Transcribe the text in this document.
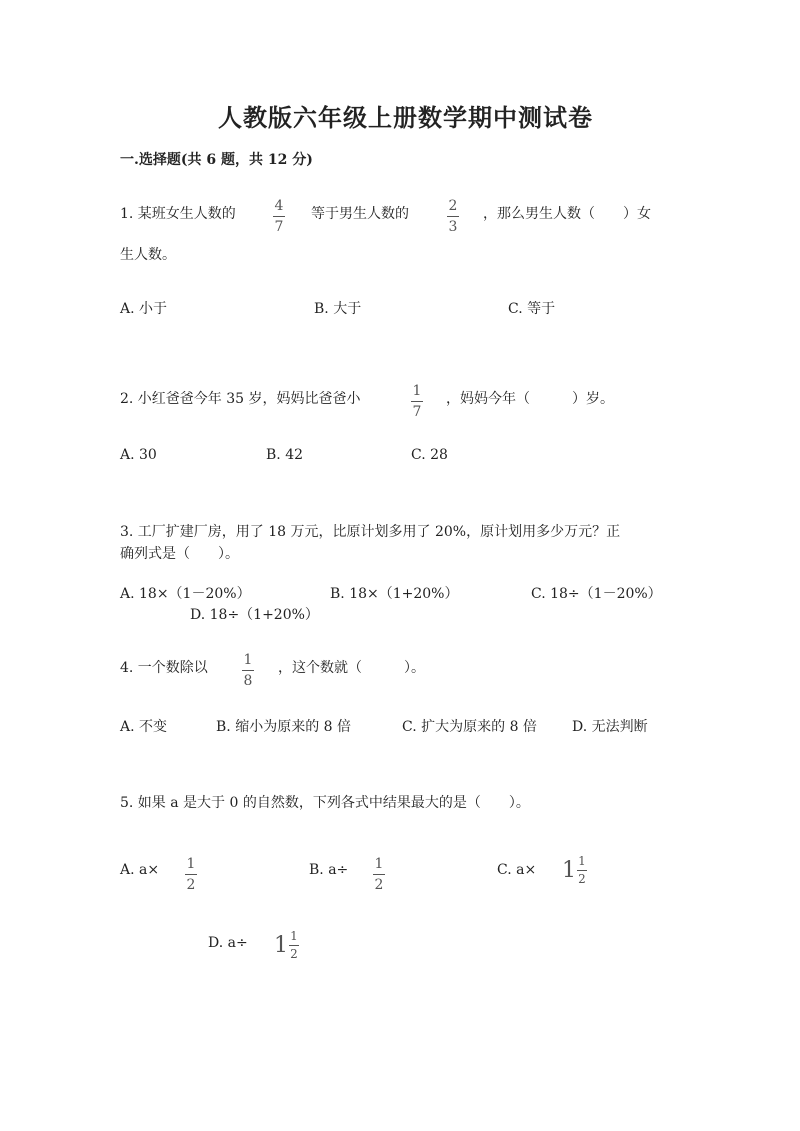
人教版六年级上册数学期中测试卷
一.选择题(共 6 题，共 12 分)
1. 某班女生人数的	4
7
等于男生人数的	2
3
，那么男生人数（　　）女
生人数。
A. 小于	B. 大于	C. 等于
2. 小红爸爸今年 35 岁，妈妈比爸爸小	1
7
，妈妈今年（　　　）岁。
A. 30	B. 42	C. 28
3. 工厂扩建厂房，用了 18 万元，比原计划多用了 20%，原计划用多少万元？正
确列式是（　　）。
A. 18×（1－20%）	B. 18×（1+20%）	C. 18÷（1－20%）
D. 18÷（1+20%）
4. 一个数除以	1
8
，这个数就（　　　）。
A. 不变	B. 缩小为原来的 8 倍	C. 扩大为原来的 8 倍	D. 无法判断
5. 如果 a 是大于 0 的自然数，下列各式中结果最大的是（　　）。
A. a× 1
2
B. a÷ 1
2
C. $a\times 1 \frac{1}{2}$
D. $a\div 1 \frac{1}{2}$
